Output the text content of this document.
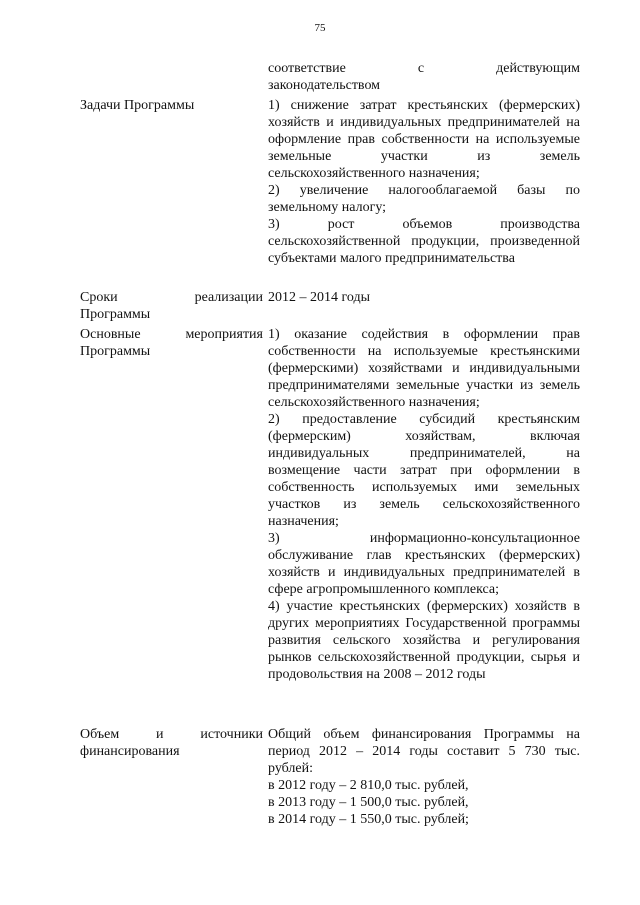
75
соответствие с действующим
законодательством
Задачи Программы	1) снижение затрат крестьянских (фермерских) хозяйств и индивидуальных предпринимателей на оформление прав собственности на используемые земельные участки из земель сельскохозяйственного назначения;

2) увеличение налогооблагаемой базы по земельному налогу;

3) рост объемов производства сельскохозяйственной продукции, произведенной субъектами малого предпринимательства

Сроки реализации Программы

2012 – 2014 годы

Основные мероприятия Программы

1) оказание содействия в оформлении прав собственности на используемые крестьянскими (фермерскими) хозяйствами и индивидуальными предпринимателями земельные участки из земель сельскохозяйственного назначения;

2) предоставление субсидий крестьянским (фермерским) хозяйствам, включая индивидуальных предпринимателей, на возмещение части затрат при оформлении в собственность используемых ими земельных участков из земель сельскохозяйственного назначения;

3) информационно-консультационное обслуживание глав крестьянских (фермерских) хозяйств и индивидуальных предпринимателей в сфере агропромышленного комплекса;

4) участие крестьянских (фермерских) хозяйств в других мероприятиях Государственной программы развития сельского хозяйства и регулирования рынков сельскохозяйственной продукции, сырья и продовольствия на 2008 – 2012 годы

Объем и источники финансирования

Общий объем финансирования Программы на период 2012 – 2014 годы составит 5 730 тыс. рублей:

в 2012 году – 2 810,0 тыс. рублей,

в 2013 году – 1 500,0 тыс. рублей,

в 2014 году – 1 550,0 тыс. рублей;
